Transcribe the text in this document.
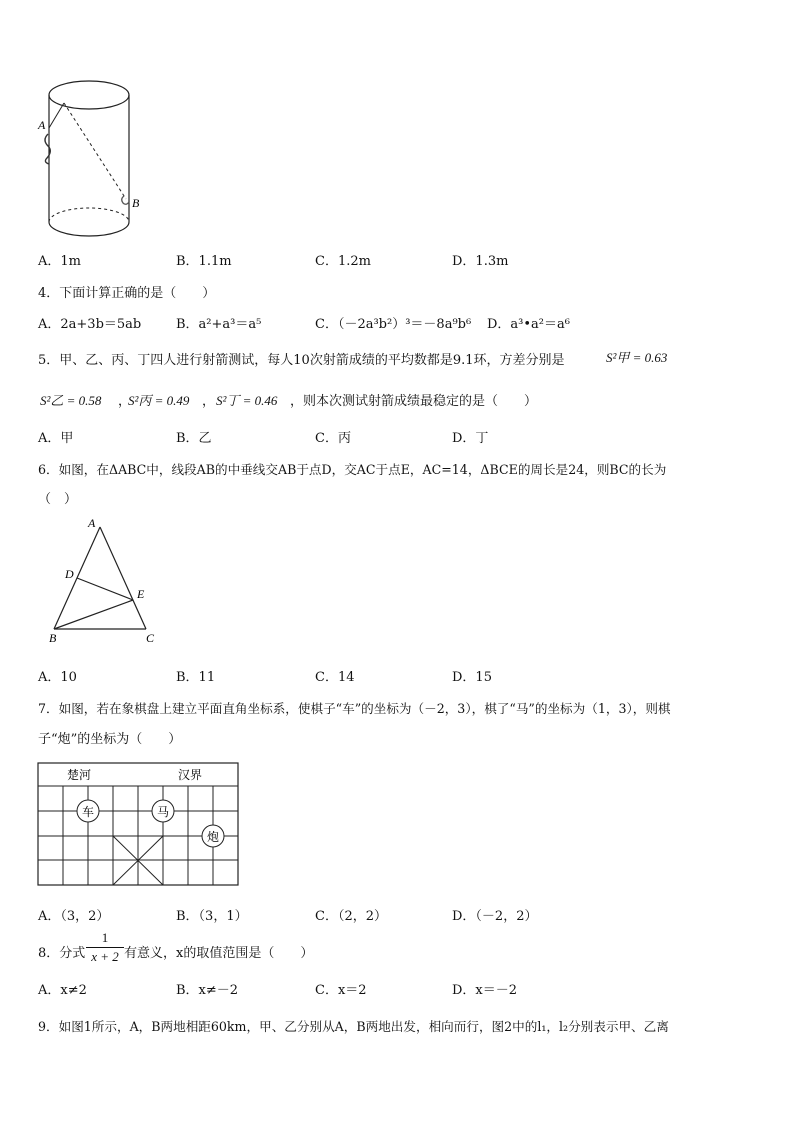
A
B
A．1m	B．1.1m	C．1.2m	D．1.3m
4．下面计算正确的是（　　）
A．2a+3b＝5ab	B．a²+a³＝a⁵	C．（－2a³b²）³＝－8a⁹b⁶ D．a³•a²＝a⁶
5．甲、乙、丙、丁四人进行射箭测试，每人10次射箭成绩的平均数都是9.1环，方差分别是	S²甲 = 0.63
S²乙 = 0.58 ，
S²丙 = 0.49 ， S²丁 = 0.46 ，则本次测试射箭成绩最稳定的是（　　）
A．甲	B．乙	C．丙	D．丁
6．如图，在ΔABC中，线段AB的中垂线交AB于点D，交AC于点E，AC=14，ΔBCE的周长是24，则BC的长为
（　）
A
D
E
B	C
A．10	B．11	C．14	D．15
7．如图，若在象棋盘上建立平面直角坐标系，使棋子“车”的坐标为（－2，3），棋了“马”的坐标为（1，3），则棋
子“炮”的坐标为（　　）
楚河	汉界
车	马
炮
A．（3，2）	B．（3，1）	C．（2，2）	D．（－2，2）
8．分式
1
x + 2 有意义，x的取值范围是（　　）
A．x≠2	B．x≠－2	C．x＝2	D．x＝－2
9．如图1所示，A，B两地相距60km，甲、乙分别从A，B两地出发，相向而行，图2中的l₁，l₂分别表示甲、乙离
